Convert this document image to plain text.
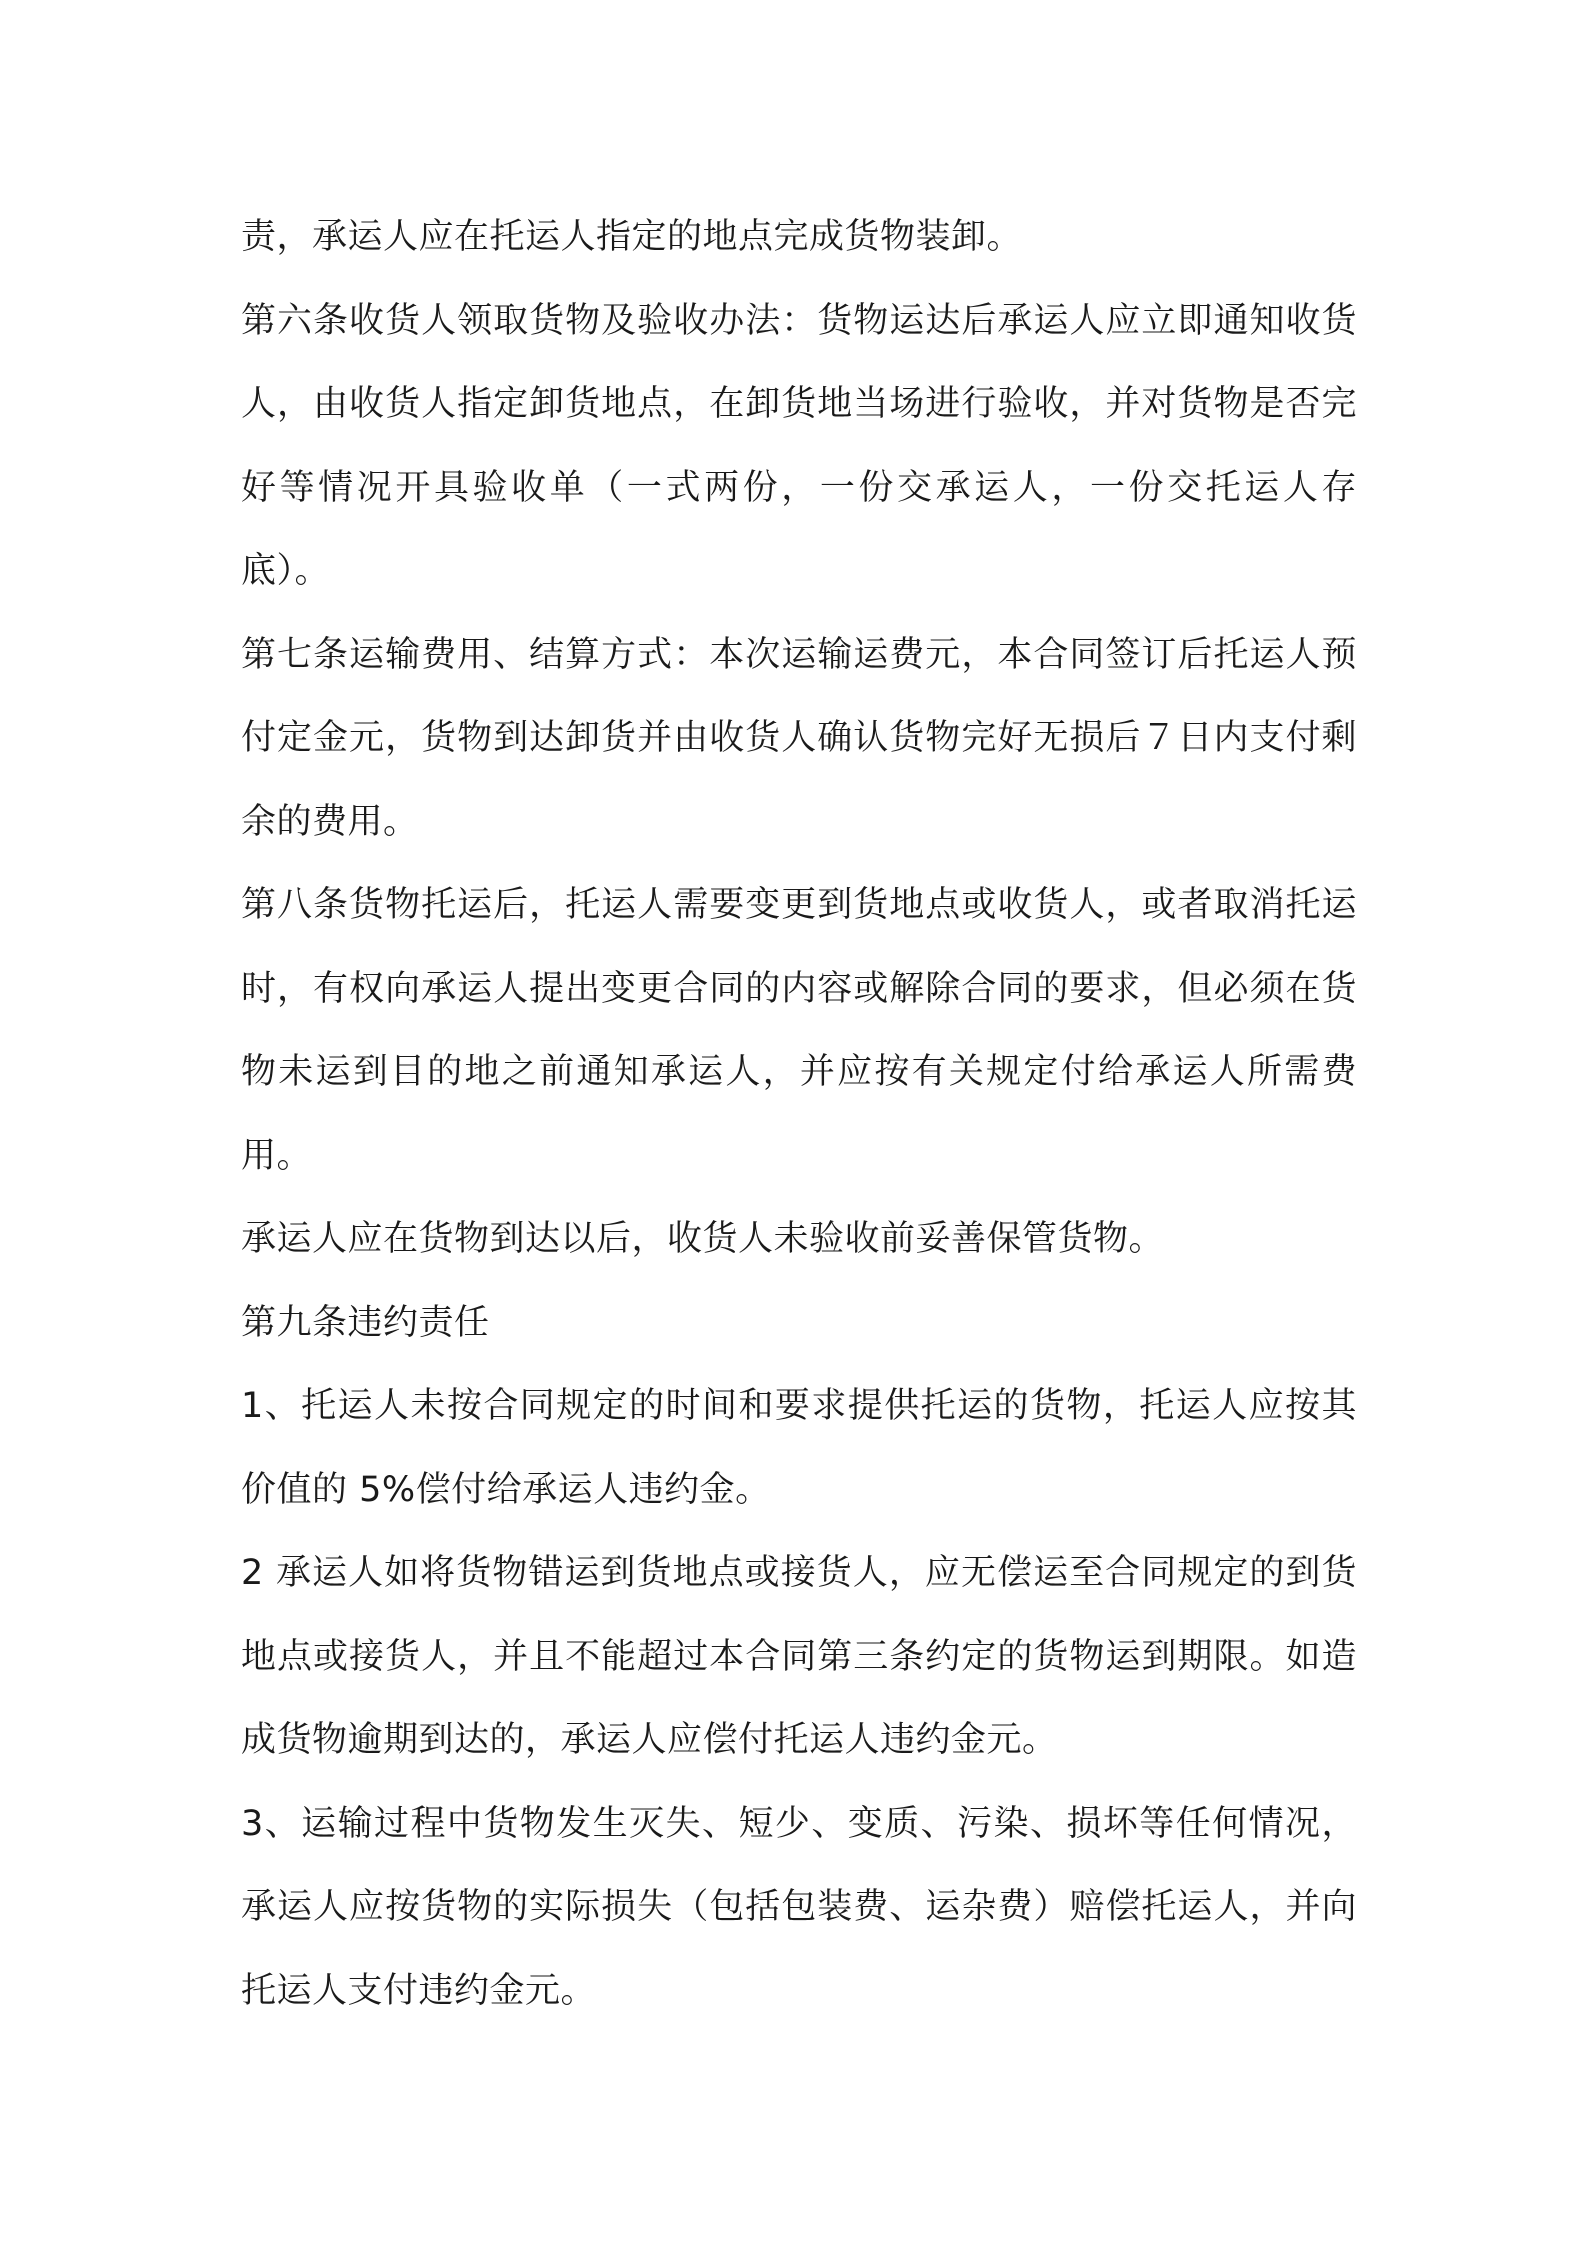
责，承运人应在托运人指定的地点完成货物装卸。

第六条收货人领取货物及验收办法：货物运达后承运人应立即通知收货人，由收货人指定卸货地点，在卸货地当场进行验收，并对货物是否完好等情况开具验收单（一式两份，一份交承运人，一份交托运人存底）。

第七条运输费用、结算方式：本次运输运费元，本合同签订后托运人预付定金元，货物到达卸货并由收货人确认货物完好无损后７日内支付剩余的费用。

第八条货物托运后，托运人需要变更到货地点或收货人，或者取消托运时，有权向承运人提出变更合同的内容或解除合同的要求，但必须在货物未运到目的地之前通知承运人，并应按有关规定付给承运人所需费用。

承运人应在货物到达以后，收货人未验收前妥善保管货物。

第九条违约责任

1、托运人未按合同规定的时间和要求提供托运的货物，托运人应按其价值的 5%偿付给承运人违约金。

2 承运人如将货物错运到货地点或接货人，应无偿运至合同规定的到货地点或接货人，并且不能超过本合同第三条约定的货物运到期限。如造成货物逾期到达的，承运人应偿付托运人违约金元。

3、运输过程中货物发生灭失、短少、变质、污染、损坏等任何情况，承运人应按货物的实际损失（包括包装费、运杂费）赔偿托运人，并向托运人支付违约金元。
